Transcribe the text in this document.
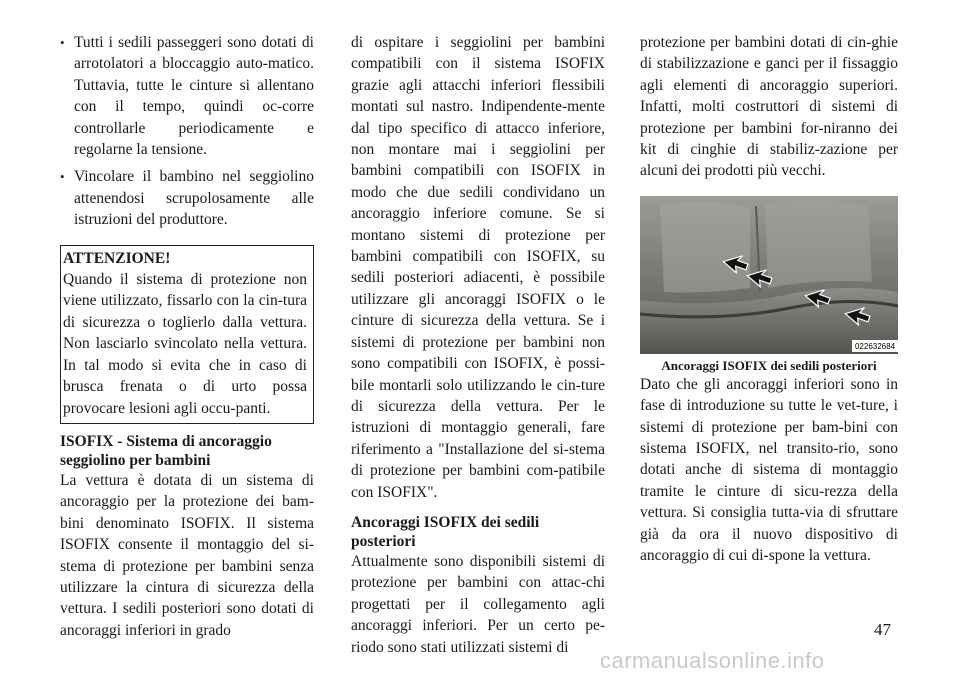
• Tutti i sedili passeggeri sono dotati di arrotolatori a bloccaggio auto-matico. Tuttavia, tutte le cinture si allentano con il tempo, quindi oc-corre controllarle periodicamente e regolarne la tensione.
• Vincolare il bambino nel seggiolino attenendosi scrupolosamente alle istruzioni del produttore.

ATTENZIONE!

Quando il sistema di protezione non viene utilizzato, fissarlo con la cin-tura di sicurezza o toglierlo dalla vettura. Non lasciarlo svincolato nella vettura. In tal modo si evita che in caso di brusca frenata o di urto possa provocare lesioni agli occu-panti.

ISOFIX - Sistema di ancoraggio seggiolino per bambini

La vettura è dotata di un sistema di ancoraggio per la protezione dei bam-bini denominato ISOFIX. Il sistema ISOFIX consente il montaggio del si-stema di protezione per bambini senza utilizzare la cintura di sicurezza della vettura. I sedili posteriori sono dotati di ancoraggi inferiori in grado

di ospitare i seggiolini per bambini compatibili con il sistema ISOFIX grazie agli attacchi inferiori flessibili montati sul nastro. Indipendente-mente dal tipo specifico di attacco inferiore, non montare mai i seggiolini per bambini compatibili con ISOFIX in modo che due sedili condividano un ancoraggio inferiore comune. Se si montano sistemi di protezione per bambini compatibili con ISOFIX, su sedili posteriori adiacenti, è possibile utilizzare gli ancoraggi ISOFIX o le cinture di sicurezza della vettura. Se i sistemi di protezione per bambini non sono compatibili con ISOFIX, è possi-bile montarli solo utilizzando le cin-ture di sicurezza della vettura. Per le istruzioni di montaggio generali, fare riferimento a "Installazione del si-stema di protezione per bambini com-patibile con ISOFIX".

Ancoraggi ISOFIX dei sedili posteriori

Attualmente sono disponibili sistemi di protezione per bambini con attac-chi progettati per il collegamento agli ancoraggi inferiori. Per un certo pe-riodo sono stati utilizzati sistemi di

protezione per bambini dotati di cin-ghie di stabilizzazione e ganci per il fissaggio agli elementi di ancoraggio superiori. Infatti, molti costruttori di sistemi di protezione per bambini for-niranno dei kit di cinghie di stabiliz-zazione per alcuni dei prodotti più vecchi.

022632684
Ancoraggi ISOFIX dei sedili posteriori

Dato che gli ancoraggi inferiori sono in fase di introduzione su tutte le vet-ture, i sistemi di protezione per bam-bini con sistema ISOFIX, nel transito-rio, sono dotati anche di sistema di montaggio tramite le cinture di sicu-rezza della vettura. Si consiglia tutta-via di sfruttare già da ora il nuovo dispositivo di ancoraggio di cui di-spone la vettura.

47
carmanualsonline.info
